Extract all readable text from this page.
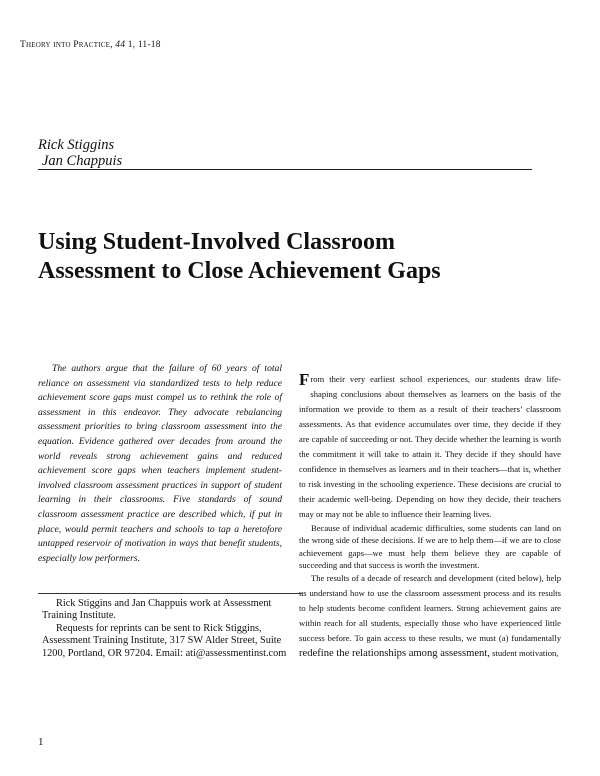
Theory into Practice, 44 1, 11-18
Rick Stiggins
Jan Chappuis
Using Student-Involved Classroom Assessment to Close Achievement Gaps

The authors argue that the failure of 60 years of total reliance on assessment via standardized tests to help reduce achievement score gaps must compel us to rethink the role of assessment in this endeavor. They advocate rebalancing assessment priorities to bring classroom assessment into the equation. Evidence gathered over decades from around the world reveals strong achievement gains and reduced achievement score gaps when teachers implement student-involved classroom assessment practices in support of student learning in their classrooms. Five standards of sound classroom assessment practice are described which, if put in place, would permit teachers and schools to tap a heretofore untapped reservoir of motivation in ways that benefit students, especially low performers.

Rick Stiggins and Jan Chappuis work at Assessment Training Institute.

Requests for reprints can be sent to Rick Stiggins, Assessment Training Institute, 317 SW Alder Street, Suite 1200, Portland, OR 97204. Email: ati@assessmentinst.com

From their very earliest school experiences, our students draw life-shaping conclusions about themselves as learners on the basis of the information we provide to them as a result of their teachers’ classroom assessments. As that evidence accumulates over time, they decide if they are capable of succeeding or not. They decide whether the learning is worth the commitment it will take to attain it. They decide if they should have confidence in themselves as learners and in their teachers—that is, whether to risk investing in the schooling experience. These decisions are crucial to their academic well-being. Depending on how they decide, their teachers may or may not be able to influence their learning lives.

Because of individual academic difficulties, some students can land on the wrong side of these decisions. If we are to help them—if we are to close achievement gaps—we must help them believe they are capable of succeeding and that success is worth the investment.

The results of a decade of research and development (cited below), help us understand how to use the classroom assessment process and its results to help students become confident learners. Strong achievement gains are within reach for all students, especially those who have experienced little success before. To gain access to these results, we must (a) fundamentally redefine the relationships among assessment, student motivation,

1
